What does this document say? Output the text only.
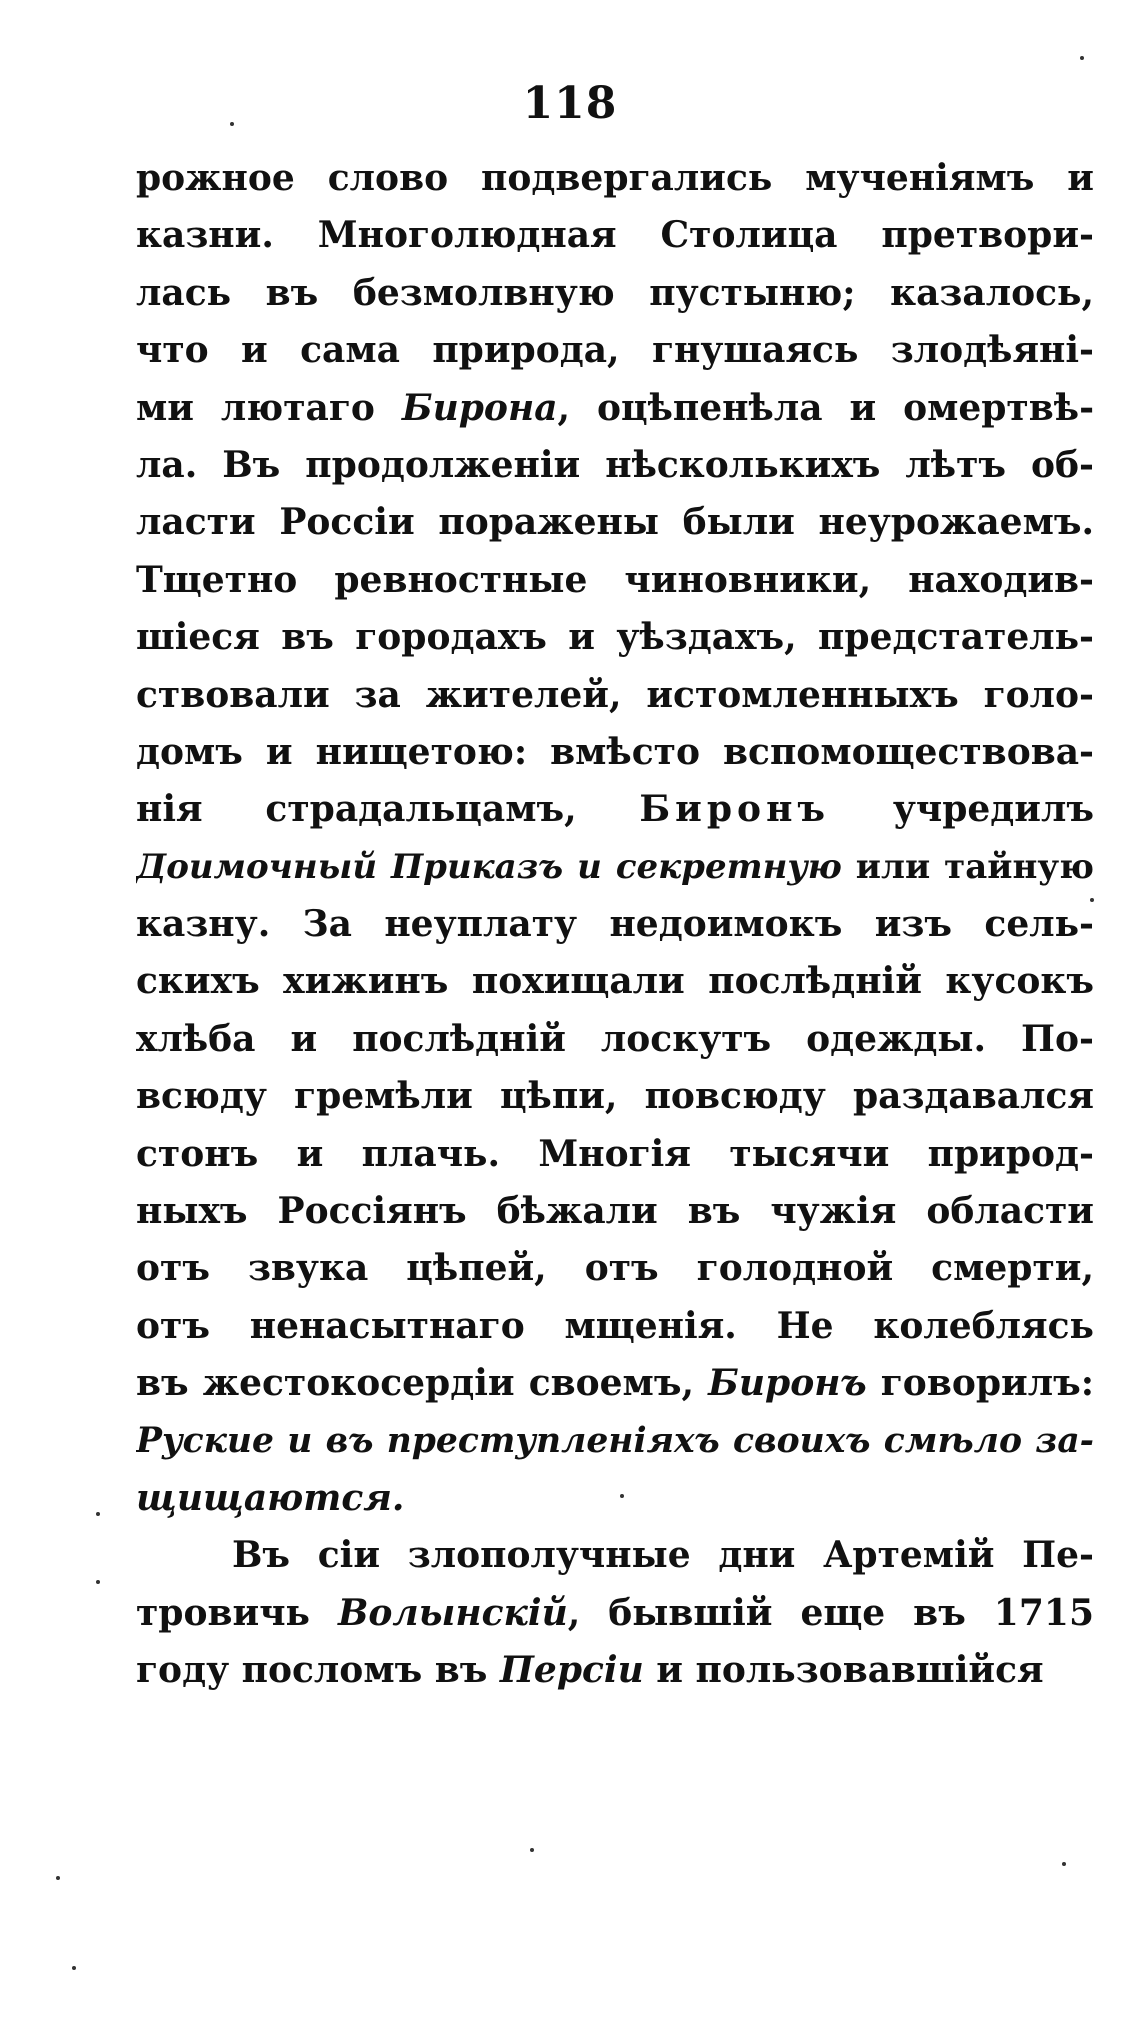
118
рожное слово подвергались мученіямъ и
казни. Многолюдная Столица претвори-
лась въ безмолвную пустыню; казалось,
что и сама природа, гнушаясь злодѣяні-
ми лютаго Бирона, оцѣпенѣла и омертвѣ-
ла. Въ продолженіи нѣсколькихъ лѣтъ об-
ласти Россіи поражены были неурожаемъ.
Тщетно ревностные чиновники, находив-
шіеся въ городахъ и уѣздахъ, предстатель-
ствовали за жителей, истомленныхъ голо-
домъ и нищетою: вмѣсто вспомоществова-
нія страдальцамъ, Биронъ учредилъ
Доимочный Приказъ и секретную или тайную
казну. За неуплату недоимокъ изъ сель-
скихъ хижинъ похищали послѣдній кусокъ
хлѣба и послѣдній лоскутъ одежды. По-
всюду гремѣли цѣпи, повсюду раздавался
стонъ и плачь. Многія тысячи природ-
ныхъ Россіянъ бѣжали въ чужія области
отъ звука цѣпей, отъ голодной смерти,
отъ ненасытнаго мщенія. Не колеблясь
въ жестокосердіи своемъ, Биронъ говорилъ:
Руские и въ преступленіяхъ своихъ смѣло за-
щищаются.
Въ сіи злополучные дни Артемій Пе-
тровичь Волынскій, бывшій еще въ 1715
году посломъ въ Персіи и пользовавшійся
